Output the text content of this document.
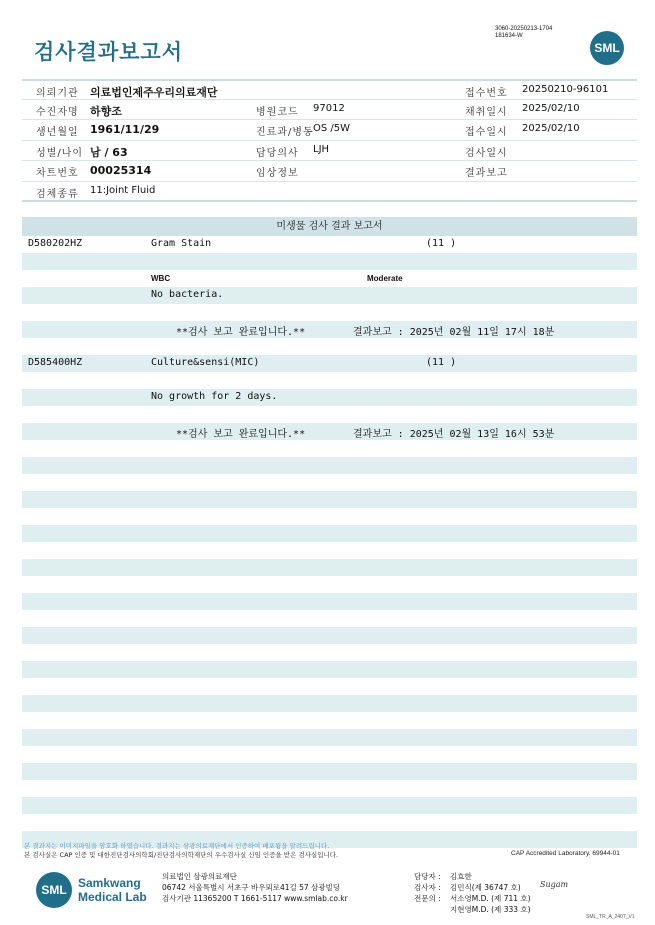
검사결과보고서
3060-20250213-1704
181634-W
SML
의뢰기관 의료법인제주우리의료재단	접수번호 20250210-96101
수진자명 하향조	병원코드 97012	채취일시 2025/02/10
생년월일 1961/11/29	진료과/병동 OS /5W	접수일시 2025/02/10
성별/나이 남 / 63	담당의사 LJH	검사일시
차트번호 00025314	임상정보	결과보고
검체종류 11:Joint Fluid
미생물 검사 결과 보고서
D580202HZ	Gram Stain	(11 )
WBC	Moderate
No bacteria.
**검사 보고 완료입니다.**	결과보고 : 2025년 02월 11일 17시 18분
D585400HZ	Culture&sensi(MIC)	(11 )
No growth for 2 days.
**검사 보고 완료입니다.**	결과보고 : 2025년 02월 13일 16시 53분
본 결과지는 이미지파일을 암호화 하였습니다. 결과지는 삼광의료재단에서 인증하여 배포됨을 알려드립니다.
본 검사실은 CAP 인증 및 대한진단검사의학회/진단검사의학재단의 우수검사실 신임 인증을 받은 검사실입니다.	CAP Accredited Laboratory. 69944-01
SML Samkwang
Medical Lab
의료법인 삼광의료재단
06742 서울특별시 서초구 바우뫼로41길 57 삼광빌딩
검사기관 11365200 T 1661-5117 www.smlab.co.kr
담당자 : 김효한
검사자 : 김민식(제 36747 호)
전문의 : 서소영M.D. (제 711 호)
지현영M.D. (제 333 호)
Sugam
SML_TR_A_2407_V1
